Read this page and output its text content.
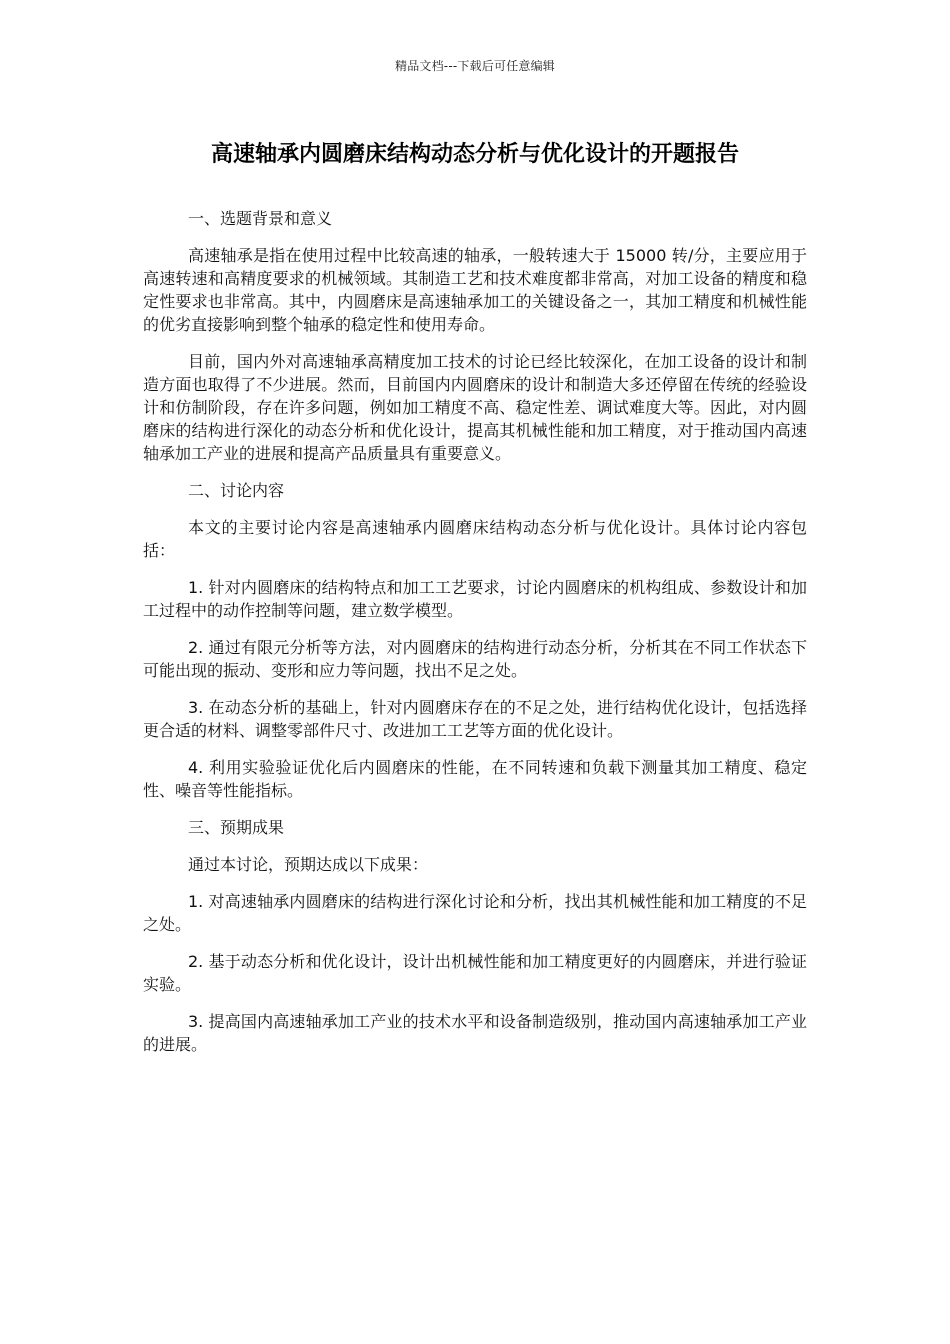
精品文档---下载后可任意编辑
高速轴承内圆磨床结构动态分析与优化设计的开题报告

一、选题背景和意义

高速轴承是指在使用过程中比较高速的轴承，一般转速大于 15000 转/分，主要应用于高速转速和高精度要求的机械领域。其制造工艺和技术难度都非常高，对加工设备的精度和稳定性要求也非常高。其中，内圆磨床是高速轴承加工的关键设备之一，其加工精度和机械性能的优劣直接影响到整个轴承的稳定性和使用寿命。

目前，国内外对高速轴承高精度加工技术的讨论已经比较深化，在加工设备的设计和制造方面也取得了不少进展。然而，目前国内内圆磨床的设计和制造大多还停留在传统的经验设计和仿制阶段，存在许多问题，例如加工精度不高、稳定性差、调试难度大等。因此，对内圆磨床的结构进行深化的动态分析和优化设计，提高其机械性能和加工精度，对于推动国内高速轴承加工产业的进展和提高产品质量具有重要意义。

二、讨论内容

本文的主要讨论内容是高速轴承内圆磨床结构动态分析与优化设计。具体讨论内容包括：

1. 针对内圆磨床的结构特点和加工工艺要求，讨论内圆磨床的机构组成、参数设计和加工过程中的动作控制等问题，建立数学模型。

2. 通过有限元分析等方法，对内圆磨床的结构进行动态分析，分析其在不同工作状态下可能出现的振动、变形和应力等问题，找出不足之处。

3. 在动态分析的基础上，针对内圆磨床存在的不足之处，进行结构优化设计，包括选择更合适的材料、调整零部件尺寸、改进加工工艺等方面的优化设计。

4. 利用实验验证优化后内圆磨床的性能，在不同转速和负载下测量其加工精度、稳定性、噪音等性能指标。

三、预期成果

通过本讨论，预期达成以下成果：

1. 对高速轴承内圆磨床的结构进行深化讨论和分析，找出其机械性能和加工精度的不足之处。

2. 基于动态分析和优化设计，设计出机械性能和加工精度更好的内圆磨床，并进行验证实验。

3. 提高国内高速轴承加工产业的技术水平和设备制造级别，推动国内高速轴承加工产业的进展。
